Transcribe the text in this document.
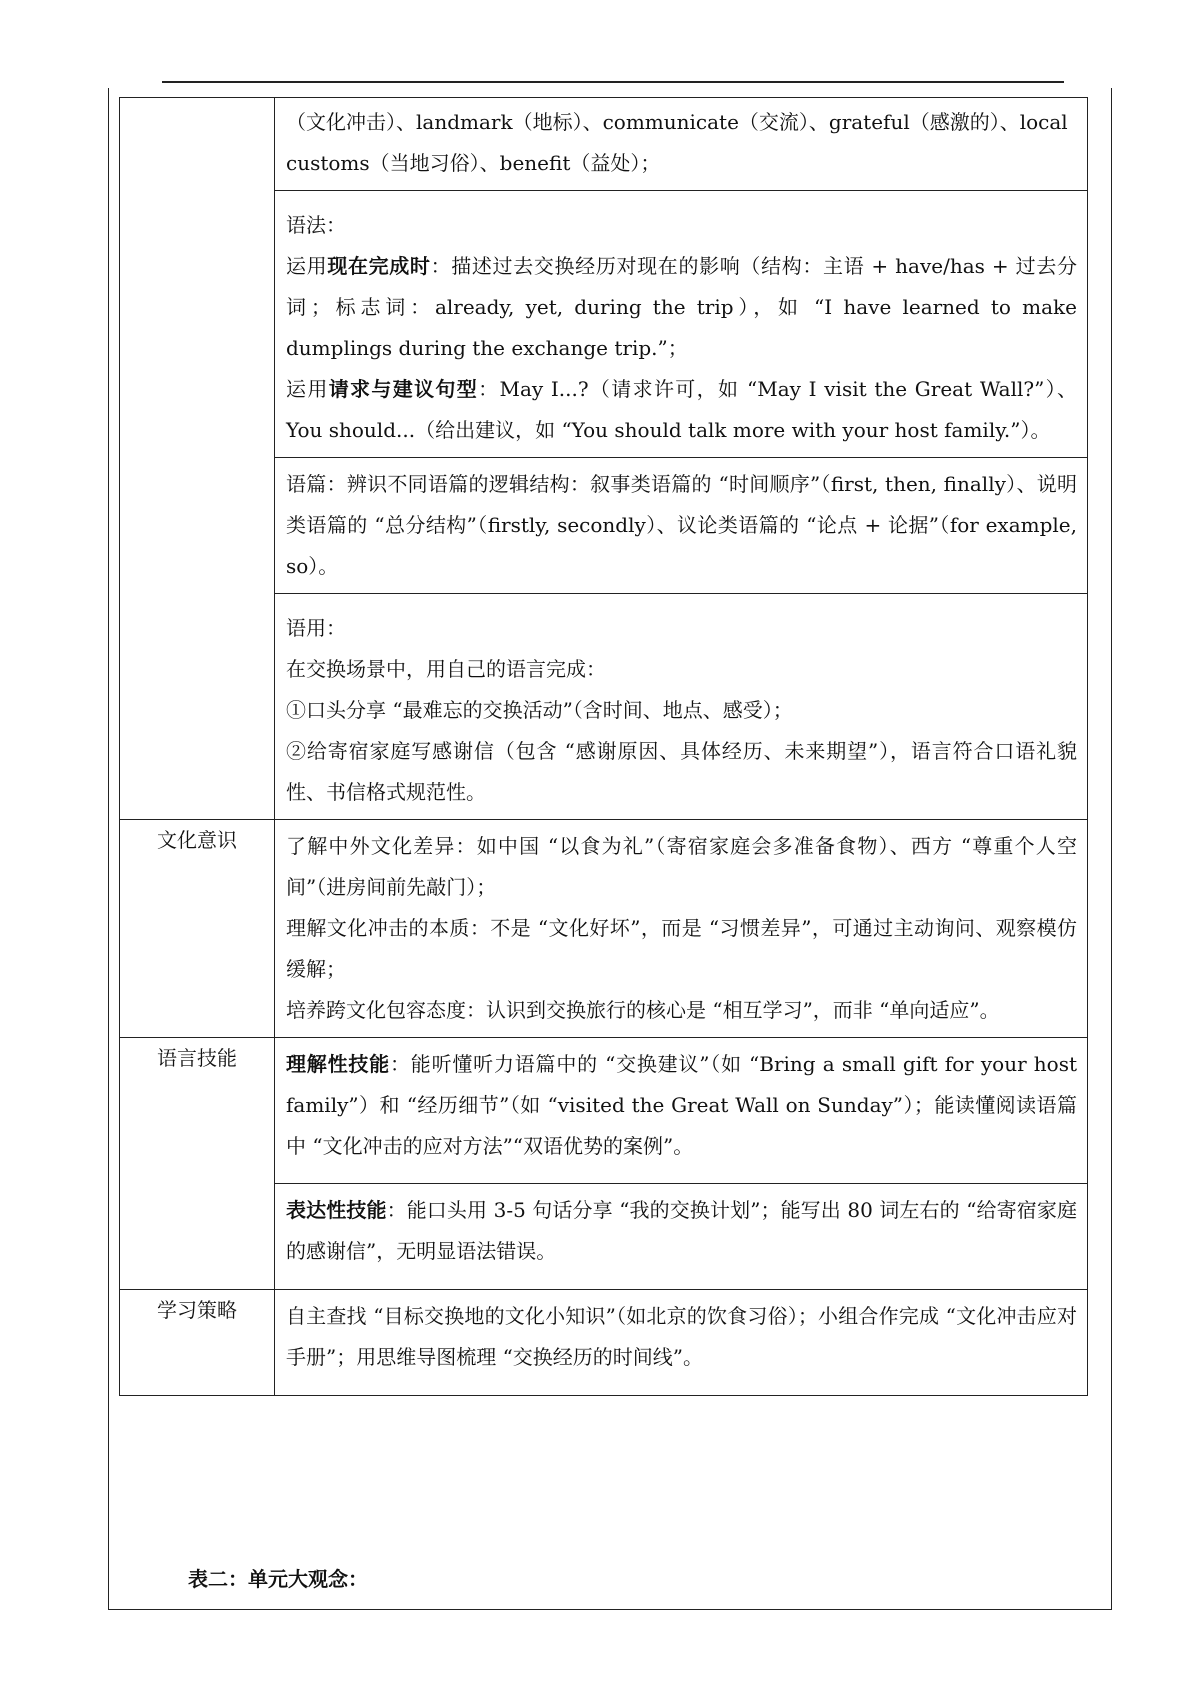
	（文化冲击）、landmark（地标）、communicate（交流）、grateful（感激的）、local

customs（当地习俗）、benefit（益处）；

	语法：

运用现在完成时：描述过去交换经历对现在的影响（结构：主语 + have/has + 过去分词；标志词：already, yet, during the trip），如 “I have learned to make dumplings during the exchange trip.”；

运用请求与建议句型：May I...?（请求许可，如 “May I visit the Great Wall?”）、You should...（给出建议，如 “You should talk more with your host family.”）。

	语篇：辨识不同语篇的逻辑结构：叙事类语篇的 “时间顺序”（first, then, finally）、说明类语篇的 “总分结构”（firstly, secondly）、议论类语篇的 “论点 + 论据”（for example, so）。

	语用：

在交换场景中，用自己的语言完成：

①口头分享 “最难忘的交换活动”（含时间、地点、感受）；

②给寄宿家庭写感谢信（包含 “感谢原因、具体经历、未来期望”），语言符合口语礼貌性、书信格式规范性。

文化意识	了解中外文化差异：如中国 “以食为礼”（寄宿家庭会多准备食物）、西方 “尊重个人空间”（进房间前先敲门）；

理解文化冲击的本质：不是 “文化好坏”，而是 “习惯差异”，可通过主动询问、观察模仿缓解；

培养跨文化包容态度：认识到交换旅行的核心是 “相互学习”，而非 “单向适应”。

语言技能	理解性技能：能听懂听力语篇中的 “交换建议”（如 “Bring a small gift for your host family”）和 “经历细节”（如 “visited the Great Wall on Sunday”）；能读懂阅读语篇中 “文化冲击的应对方法”“双语优势的案例”。

	表达性技能：能口头用 3-5 句话分享 “我的交换计划”；能写出 80 词左右的 “给寄宿家庭的感谢信”，无明显语法错误。

学习策略	自主查找 “目标交换地的文化小知识”（如北京的饮食习俗）；小组合作完成 “文化冲击应对手册”；用思维导图梳理 “交换经历的时间线”。

表二：单元大观念：
